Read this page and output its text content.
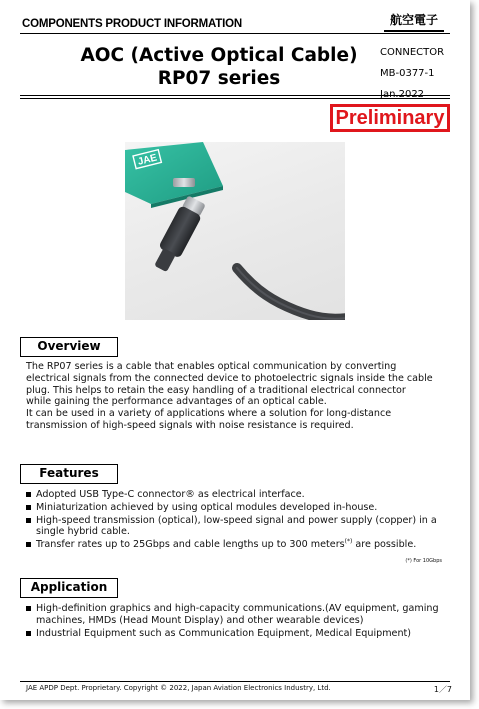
COMPONENTS PRODUCT INFORMATION	航空電子
AOC (Active Optical Cable)
RP07 series
CONNECTOR
MB-0377-1
Preliminary
JAE
Overview

The RP07 series is a cable that enables optical communication by converting

electrical signals from the connected device to photoelectric signals inside the cable

plug. This helps to retain the easy handling of a traditional electrical connector

while gaining the performance advantages of an optical cable.

It can be used in a variety of applications where a solution for long-distance

transmission of high-speed signals with noise resistance is required.

Features
Adopted USB Type-C connector® as electrical interface.
Miniaturization achieved by using optical modules developed in-house.
High-speed transmission (optical), low-speed signal and power supply (copper) in a single hybrid cable.
Transfer rates up to 25Gbps and cable lengths up to 300 meters(*) are possible.
(*) For 10Gbps
Application
High-definition graphics and high-capacity communications.(AV equipment, gaming machines, HMDs (Head Mount Display) and other wearable devices)
Industrial Equipment such as Communication Equipment, Medical Equipment)
JAE APDP Dept. Proprietary. Copyright © 2022, Japan Aviation Electronics Industry, Ltd.	1／7
